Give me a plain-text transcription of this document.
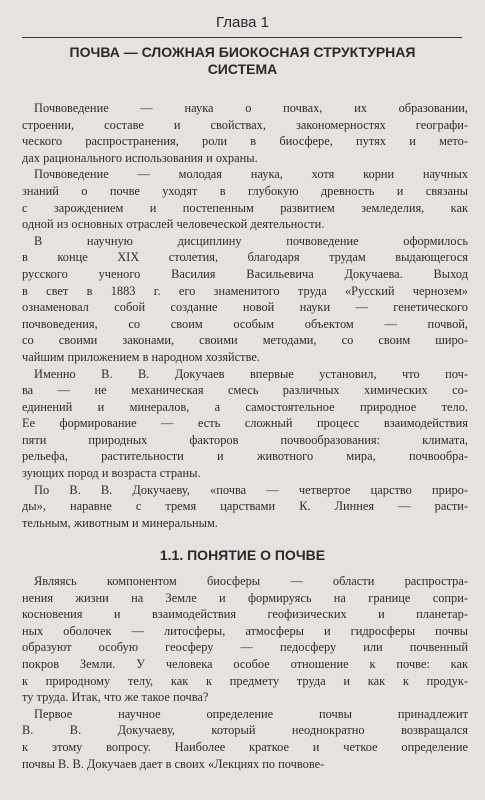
Глава 1
ПОЧВА — СЛОЖНАЯ БИОКОСНАЯ СТРУКТУРНАЯ
СИСТЕМА

Почвоведение — наука о почвах, их образовании,
строении, составе и свойствах, закономерностях географи-
ческого распространения, роли в биосфере, путях и мето-
дах рационального использования и охраны.

Почвоведение — молодая наука, хотя корни научных
знаний о почве уходят в глубокую древность и связаны
с зарождением и постепенным развитием земледелия, как
одной из основных отраслей человеческой деятельности.

В научную дисциплину почвоведение оформилось
в конце XIX столетия, благодаря трудам выдающегося
русского ученого Василия Васильевича Докучаева. Выход
в свет в 1883 г. его знаменитого труда «Русский чернозем»
ознаменовал собой создание новой науки — генетического
почвоведения, со своим особым объектом — почвой,
со своими законами, своими методами, со своим широ-
чайшим приложением в народном хозяйстве.

Именно В. В. Докучаев впервые установил, что поч-
ва — не механическая смесь различных химических со-
единений и минералов, а самостоятельное природное тело.
Ее формирование — есть сложный процесс взаимодействия
пяти природных факторов почвообразования: климата,
рельефа, растительности и животного мира, почвообра-
зующих пород и возраста страны.

По В. В. Докучаеву, «почва — четвертое царство приро-
ды», наравне с тремя царствами К. Линнея — расти-
тельным, животным и минеральным.

1.1. ПОНЯТИЕ О ПОЧВЕ

Являясь компонентом биосферы — области распростра-
нения жизни на Земле и формируясь на границе сопри-
косновения и взаимодействия геофизических и планетар-
ных оболочек — литосферы, атмосферы и гидросферы почвы
образуют особую геосферу — педосферу или почвенный
покров Земли. У человека особое отношение к почве: как
к природному телу, как к предмету труда и как к продук-
ту труда. Итак, что же такое почва?

Первое научное определение почвы принадлежит
В. В. Докучаеву, который неоднократно возвращался
к этому вопросу. Наиболее краткое и четкое определение
почвы В. В. Докучаев дает в своих «Лекциях по почвове-
